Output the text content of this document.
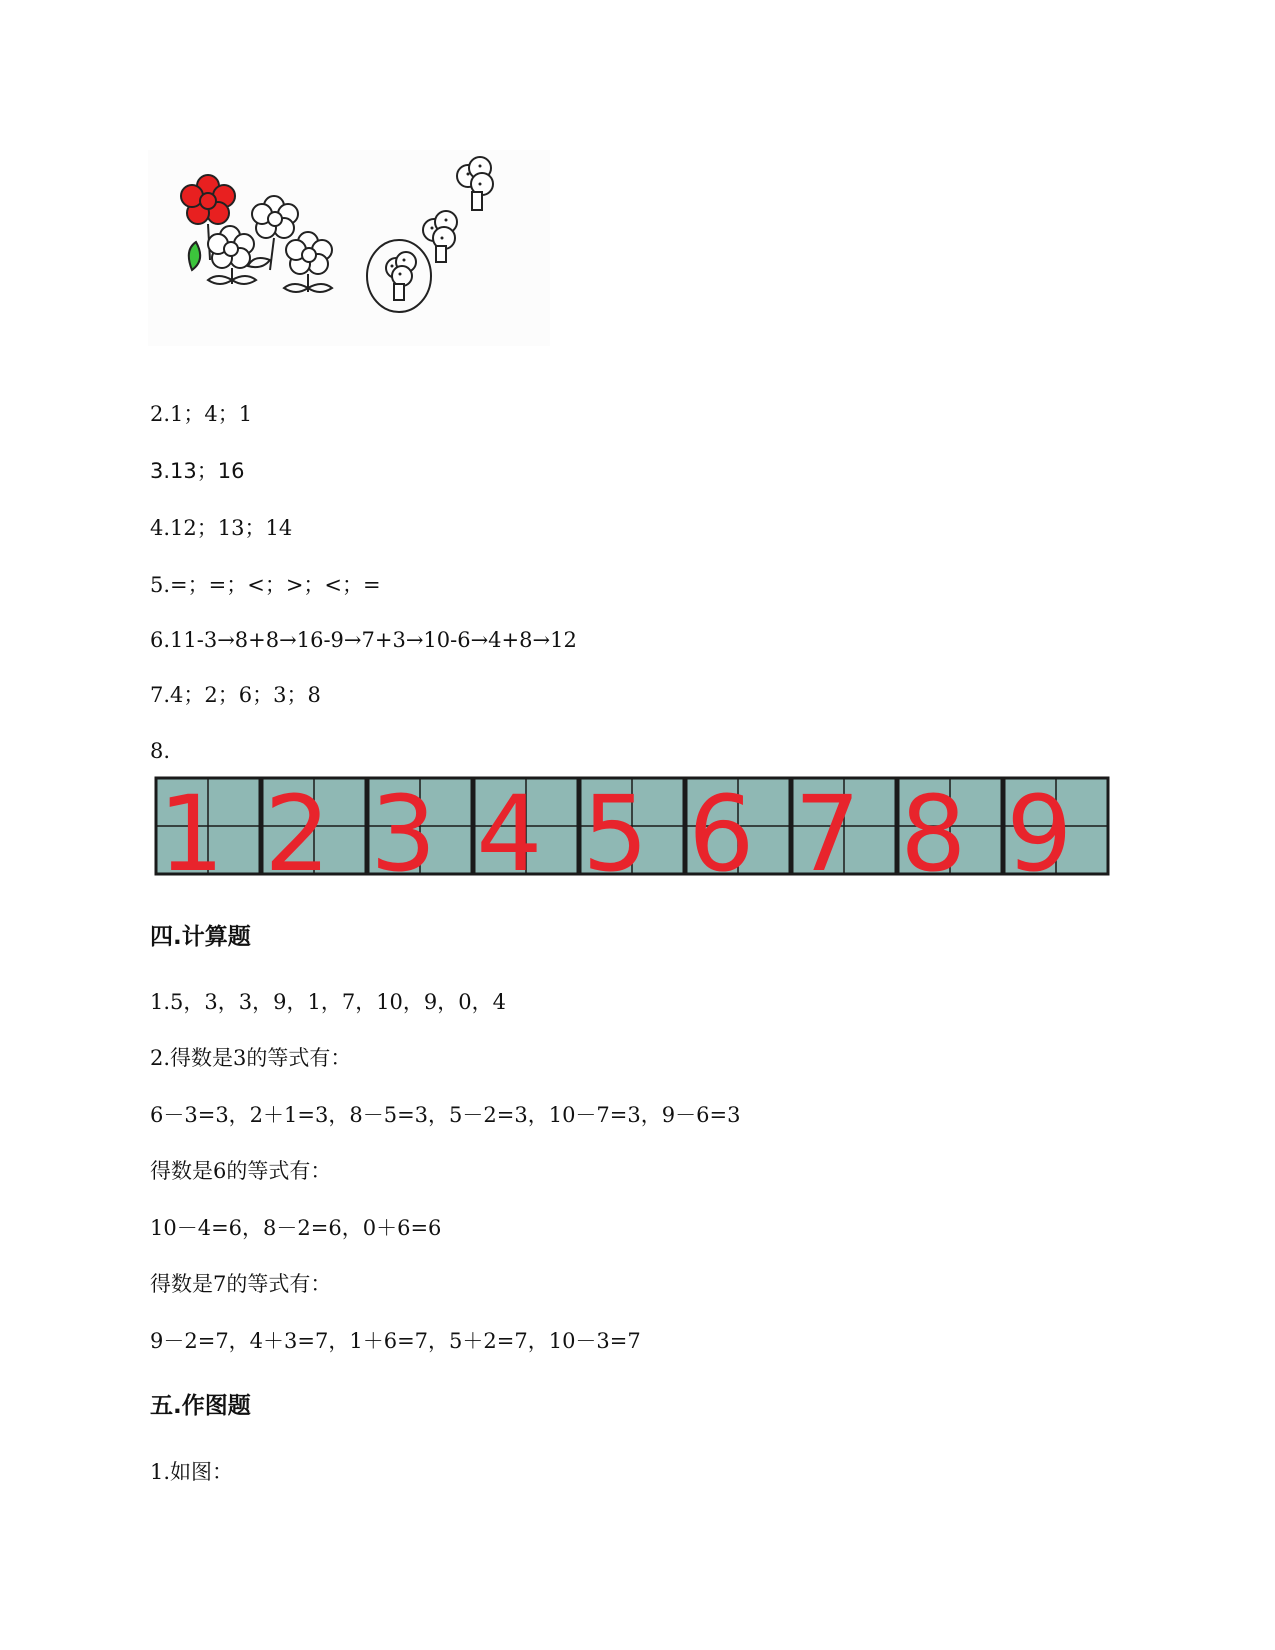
2.1；4；1
3.13；16
4.12；13；14
5.=；=；<；>；<；=
6.11-3→8+8→16-9→7+3→10-6→4+8→12
7.4；2；6；3；8
8.
1 2 3 4 5 6 7 8 9
四.计算题
1.5，3，3，9，1，7，10，9，0，4
2.得数是3的等式有：
6－3=3，2＋1=3，8－5=3，5－2=3，10－7=3，9－6=3
得数是6的等式有：
10－4=6，8－2=6，0＋6=6
得数是7的等式有：
9－2=7，4＋3=7，1＋6=7，5＋2=7，10－3=7
五.作图题
1.如图：
